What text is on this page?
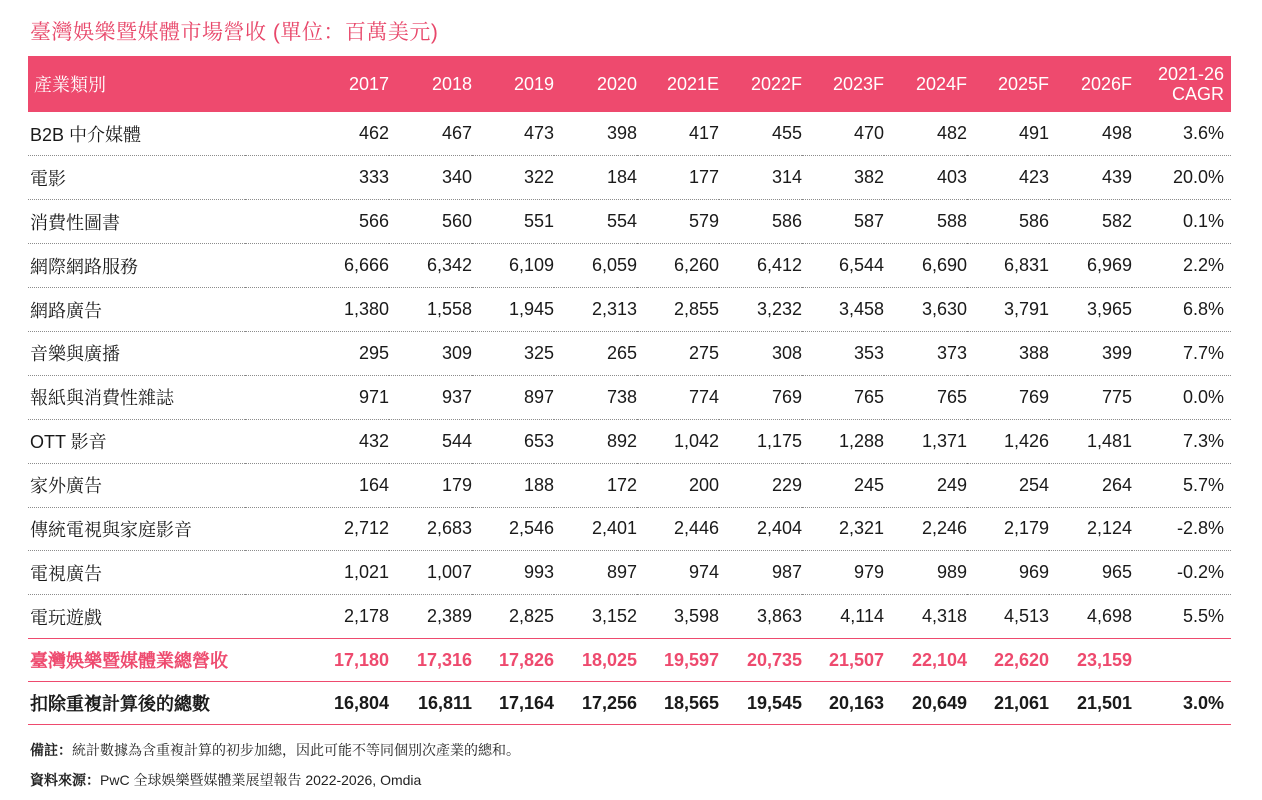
臺灣娛樂暨媒體市場營收 (單位：百萬美元)
產業類別	2017	2018	2019	2020	2021E	2022F	2023F	2024F	2025F	2026F	2021-26
CAGR
B2B 中介媒體	462	467	473	398	417	455	470	482	491	498	3.6%
電影	333	340	322	184	177	314	382	403	423	439	20.0%
消費性圖書	566	560	551	554	579	586	587	588	586	582	0.1%
網際網路服務	6,666	6,342	6,109	6,059	6,260	6,412	6,544	6,690	6,831	6,969	2.2%
網路廣告	1,380	1,558	1,945	2,313	2,855	3,232	3,458	3,630	3,791	3,965	6.8%
音樂與廣播	295	309	325	265	275	308	353	373	388	399	7.7%
報紙與消費性雜誌	971	937	897	738	774	769	765	765	769	775	0.0%
OTT 影音	432	544	653	892	1,042	1,175	1,288	1,371	1,426	1,481	7.3%
家外廣告	164	179	188	172	200	229	245	249	254	264	5.7%
傳統電視與家庭影音	2,712	2,683	2,546	2,401	2,446	2,404	2,321	2,246	2,179	2,124	-2.8%
電視廣告	1,021	1,007	993	897	974	987	979	989	969	965	-0.2%
電玩遊戲	2,178	2,389	2,825	3,152	3,598	3,863	4,114	4,318	4,513	4,698	5.5%
臺灣娛樂暨媒體業總營收	17,180	17,316	17,826	18,025	19,597	20,735	21,507	22,104	22,620	23,159	
扣除重複計算後的總數	16,804	16,811	17,164	17,256	18,565	19,545	20,163	20,649	21,061	21,501	3.0%
備註：統計數據為含重複計算的初步加總，因此可能不等同個別次產業的總和。
資料來源：PwC 全球娛樂暨媒體業展望報告 2022-2026, Omdia
